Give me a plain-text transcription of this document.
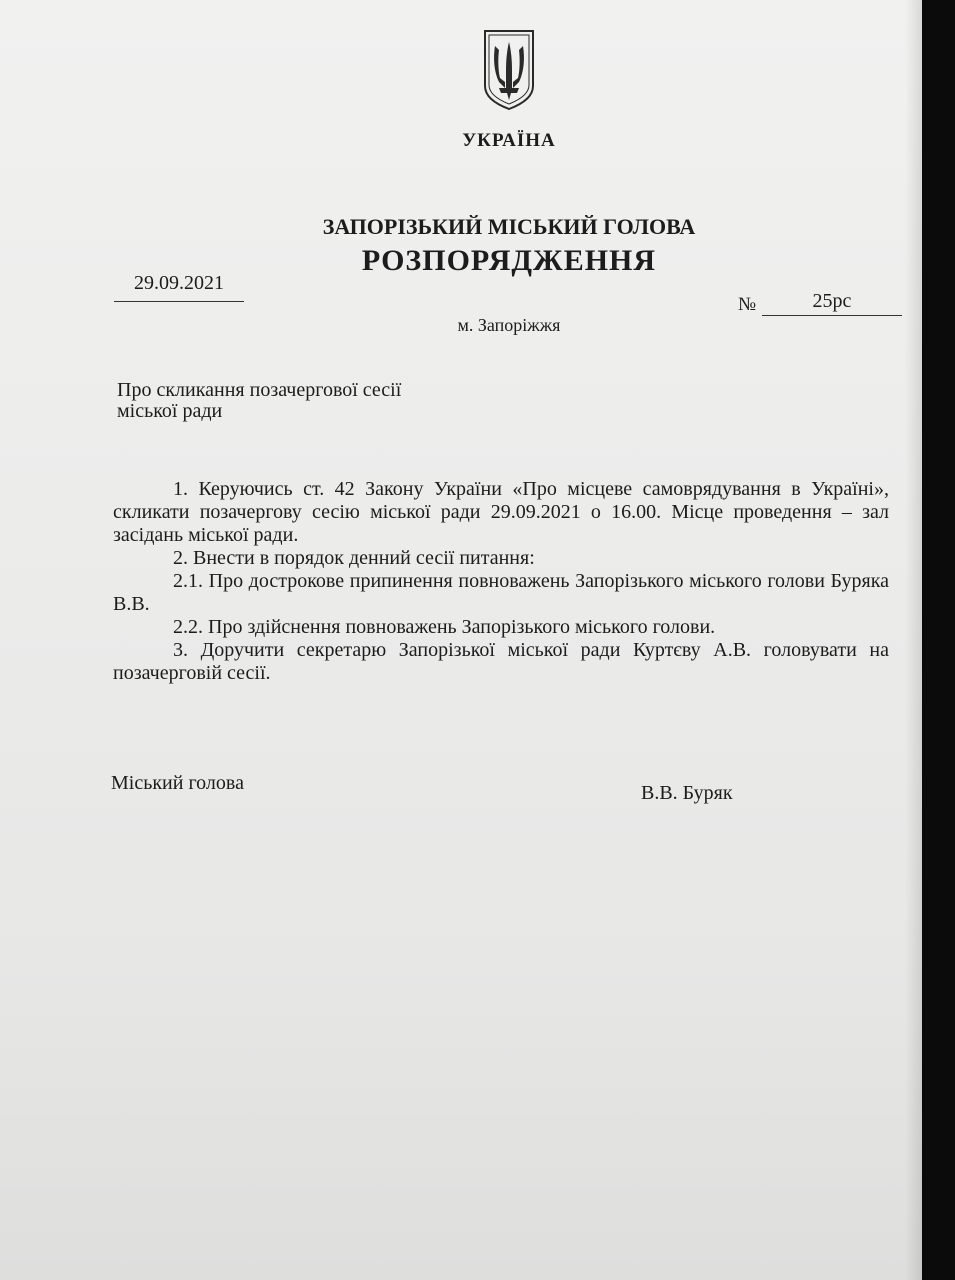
УКРАЇНА
ЗАПОРІЗЬКИЙ МІСЬКИЙ ГОЛОВА
РОЗПОРЯДЖЕННЯ
29.09.2021
№	25рс
м. Запоріжжя
Про скликання позачергової сесії
міської ради

1. Керуючись ст. 42 Закону України «Про місцеве самоврядування в Україні», скликати позачергову сесію міської ради 29.09.2021 о 16.00. Місце проведення – зал засідань міської ради.

2. Внести в порядок денний сесії питання:

2.1. Про дострокове припинення повноважень Запорізького міського голови Буряка В.В.

2.2. Про здійснення повноважень Запорізького міського голови.

3. Доручити секретарю Запорізької міської ради Куртєву А.В. головувати на позачерговій сесії.

Міський голова	В.В. Буряк
